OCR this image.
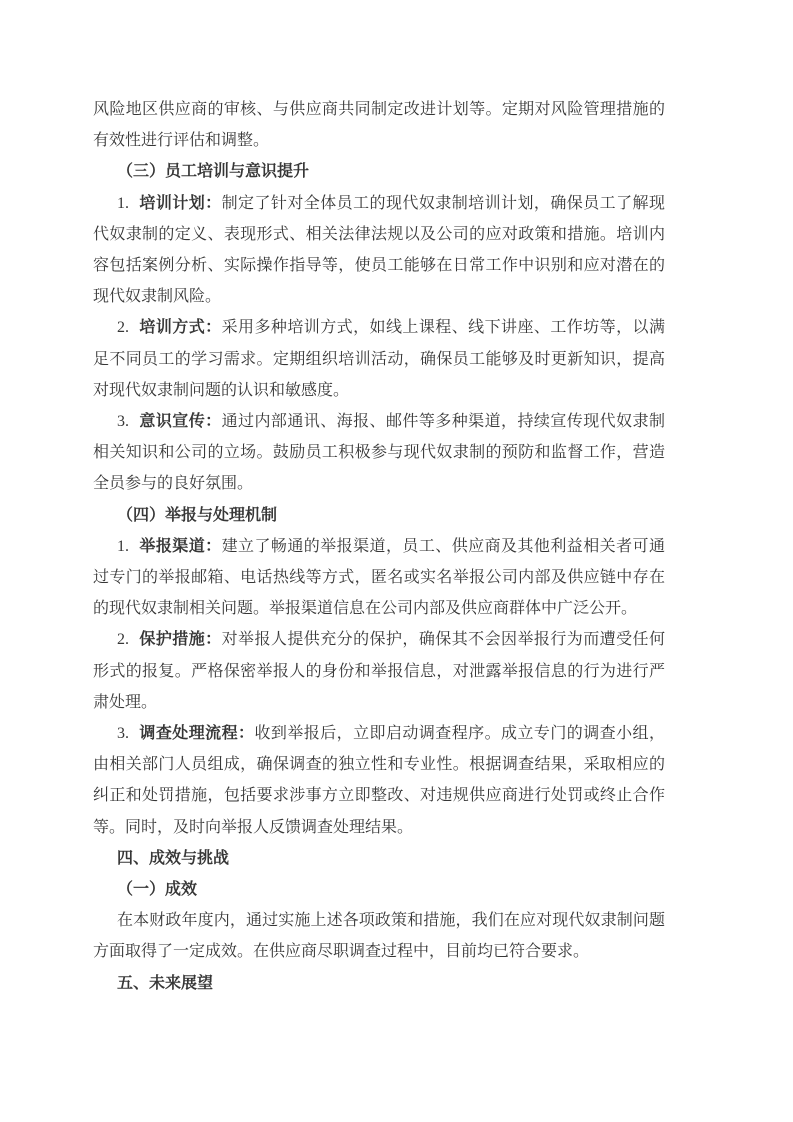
风险地区供应商的审核、与供应商共同制定改进计划等。定期对风险管理措施的有效性进行评估和调整。

（三）员工培训与意识提升

1. 培训计划：制定了针对全体员工的现代奴隶制培训计划，确保员工了解现代奴隶制的定义、表现形式、相关法律法规以及公司的应对政策和措施。培训内容包括案例分析、实际操作指导等，使员工能够在日常工作中识别和应对潜在的现代奴隶制风险。

2. 培训方式：采用多种培训方式，如线上课程、线下讲座、工作坊等，以满足不同员工的学习需求。定期组织培训活动，确保员工能够及时更新知识，提高对现代奴隶制问题的认识和敏感度。

3. 意识宣传：通过内部通讯、海报、邮件等多种渠道，持续宣传现代奴隶制相关知识和公司的立场。鼓励员工积极参与现代奴隶制的预防和监督工作，营造全员参与的良好氛围。

（四）举报与处理机制

1. 举报渠道：建立了畅通的举报渠道，员工、供应商及其他利益相关者可通过专门的举报邮箱、电话热线等方式，匿名或实名举报公司内部及供应链中存在的现代奴隶制相关问题。举报渠道信息在公司内部及供应商群体中广泛公开。

2. 保护措施：对举报人提供充分的保护，确保其不会因举报行为而遭受任何形式的报复。严格保密举报人的身份和举报信息，对泄露举报信息的行为进行严肃处理。

3. 调查处理流程：收到举报后，立即启动调查程序。成立专门的调查小组，由相关部门人员组成，确保调查的独立性和专业性。根据调查结果，采取相应的纠正和处罚措施，包括要求涉事方立即整改、对违规供应商进行处罚或终止合作等。同时，及时向举报人反馈调查处理结果。

四、成效与挑战

（一）成效

在本财政年度内，通过实施上述各项政策和措施，我们在应对现代奴隶制问题方面取得了一定成效。在供应商尽职调查过程中，目前均已符合要求。

五、未来展望
